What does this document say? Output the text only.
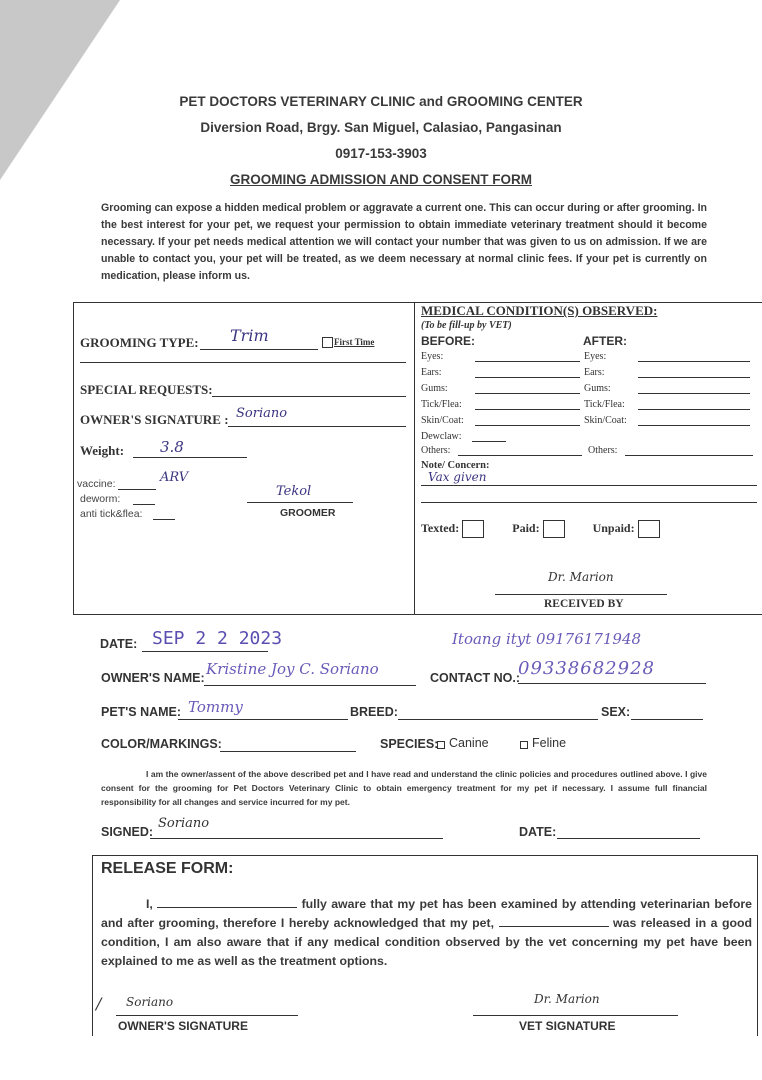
PET DOCTORS VETERINARY CLINIC and GROOMING CENTER
Diversion Road, Brgy. San Miguel, Calasiao, Pangasinan
0917-153-3903
GROOMING ADMISSION AND CONSENT FORM
Grooming can expose a hidden medical problem or aggravate a current one. This can occur during or after grooming. In the best interest for your pet, we request your permission to obtain immediate veterinary treatment should it become necessary. If your pet needs medical attention we will contact your number that was given to us on admission. If we are unable to contact you, your pet will be treated, as we deem necessary at normal clinic fees. If your pet is currently on medication, please inform us.
GROOMING TYPE: Trim	First Time
SPECIAL REQUESTS:
OWNER'S SIGNATURE : Soriano
Weight: 3.8
vaccine:	ARV
deworm:
anti tick&flea:
Tekol
GROOMER
MEDICAL CONDITION(S) OBSERVED:
(To be fill-up by VET)
BEFORE:	AFTER:
Eyes:	Eyes:
Ears:	Ears:
Gums:	Gums:
Tick/Flea:	Tick/Flea:
Skin/Coat:	Skin/Coat:
Dewclaw:
Others:	Others:
Note/ Concern:
Vax given
Texted:	Paid:	Unpaid:
Dr. Marion
RECEIVED BY
DATE: SEP 2 2 2023	Itoang ityt 09176171948
OWNER'S NAME: Kristine Joy C. Soriano	CONTACT NO.:
09338682928
PET'S NAME: Tommy	BREED:	SEX:
COLOR/MARKINGS:	SPECIES: Canine	Feline
I am the owner/assent of the above described pet and I have read and understand the clinic policies and procedures outlined above. I give consent for the grooming for Pet Doctors Veterinary Clinic to obtain emergency treatment for my pet if necessary. I assume full financial responsibility for all changes and service incurred for my pet.
SIGNED:
Soriano
DATE:
RELEASE FORM:
I,	fully aware that my pet has been examined by attending veterinarian before and after grooming, therefore I hereby acknowledged that my pet,	was released in a good condition, I am also aware that if any medical condition observed by the vet concerning my pet have been explained to me as well as the treatment options.
/ Soriano
OWNER'S SIGNATURE
Dr. Marion
VET SIGNATURE
